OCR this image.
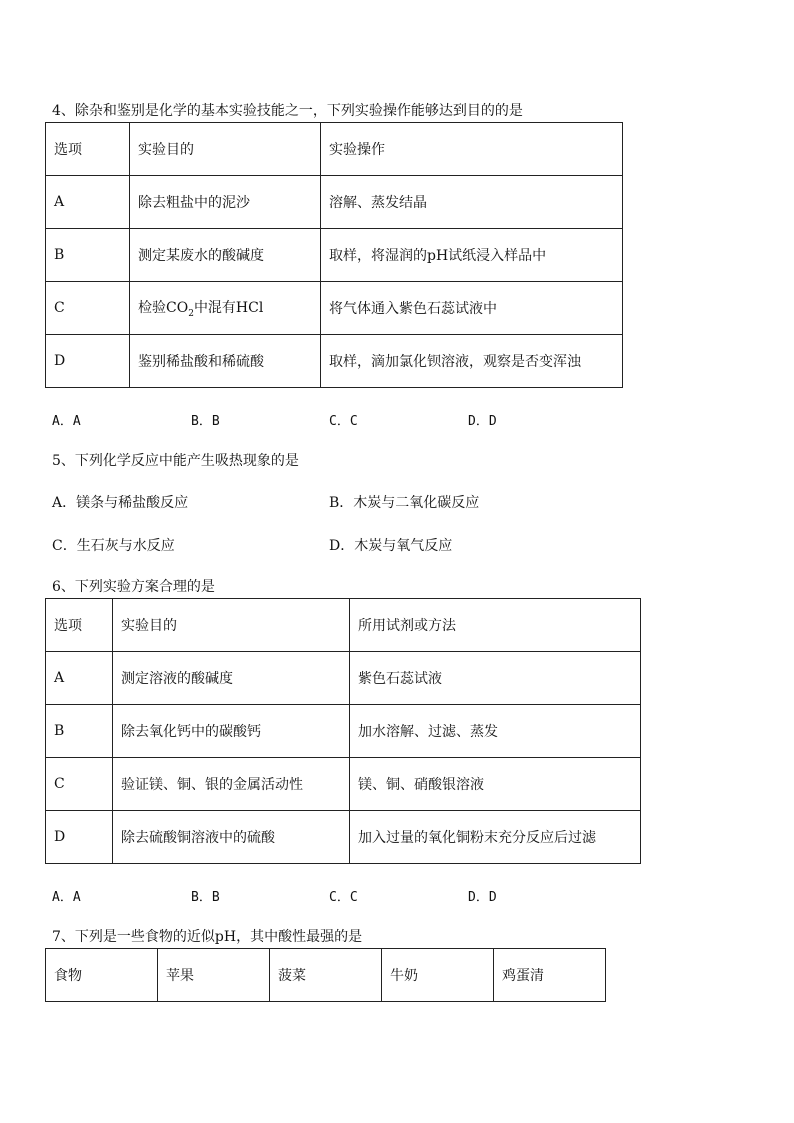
4、除杂和鉴别是化学的基本实验技能之一，下列实验操作能够达到目的的是
选项	实验目的	实验操作
A	除去粗盐中的泥沙	溶解、蒸发结晶
B	测定某废水的酸碱度	取样，将湿润的pH试纸浸入样品中
C	检验$CO_2$中混有HCl	将气体通入紫色石蕊试液中
D	鉴别稀盐酸和稀硫酸	取样，滴加氯化钡溶液，观察是否变浑浊
A．A	B．B	C．C	D．D
5、下列化学反应中能产生吸热现象的是
A．镁条与稀盐酸反应	B．木炭与二氧化碳反应
C．生石灰与水反应	D．木炭与氧气反应
6、下列实验方案合理的是
选项	实验目的	所用试剂或方法
A	测定溶液的酸碱度	紫色石蕊试液
B	除去氧化钙中的碳酸钙	加水溶解、过滤、蒸发
C	验证镁、铜、银的金属活动性	镁、铜、硝酸银溶液
D	除去硫酸铜溶液中的硫酸	加入过量的氧化铜粉末充分反应后过滤
A．A	B．B	C．C	D．D
7、下列是一些食物的近似pH，其中酸性最强的是
食物	苹果	菠菜	牛奶	鸡蛋清
